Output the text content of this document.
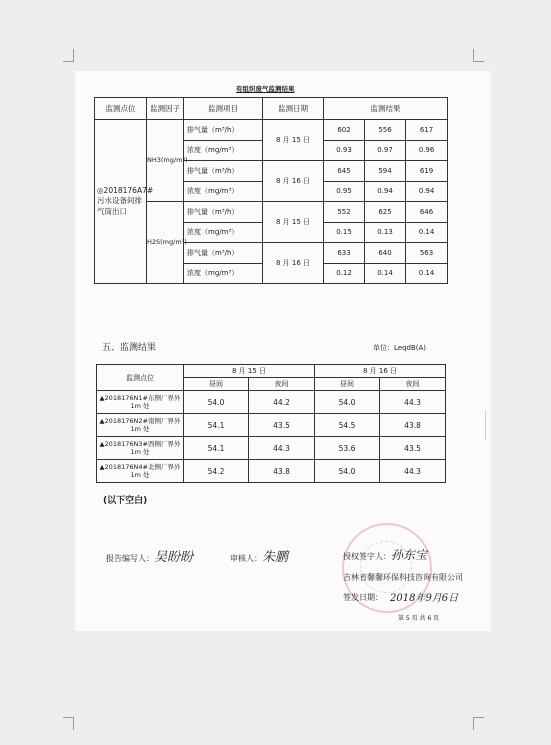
有组织废气监测结果
监测点位	监测因子	监测项目	监测日期	监测结果		
◎2018176A7#污水设备间排气筒出口	NH3(mg/m³)	排气量（m³/h）	8 月 15 日	602	556	617
		浓度（mg/m³）		0.93	0.97	0.96
		排气量（m³/h）	8 月 16 日	645	594	619
		浓度（mg/m³）		0.95	0.94	0.94
	H2S(mg/m³)	排气量（m³/h）	8 月 15 日	552	625	646
		浓度（mg/m³）		0.15	0.13	0.14
		排气量（m³/h）	8 月 16 日	633	640	563
		浓度（mg/m³）		0.12	0.14	0.14
五、监测结果	单位：LeqdB(A)
监测点位	8 月 15 日		8 月 16 日	
	昼间	夜间	昼间	夜间
▲2018176N1#东侧厂界外 1m 处	54.0	44.2	54.0	44.3
▲2018176N2#南侧厂界外 1m 处	54.1	43.5	54.5	43.8
▲2018176N3#西侧厂界外 1m 处	54.1	44.3	53.6	43.5
▲2018176N4#北侧厂界外 1m 处	54.2	43.8	54.0	44.3
(以下空白)
报告编写人：吴盼盼	审核人：朱鹏	授权签字人：孙东宝
吉林省馨馨环保科技咨询有限公司
签发日期： 2018年9月6日
第 5 页 共 6 页
